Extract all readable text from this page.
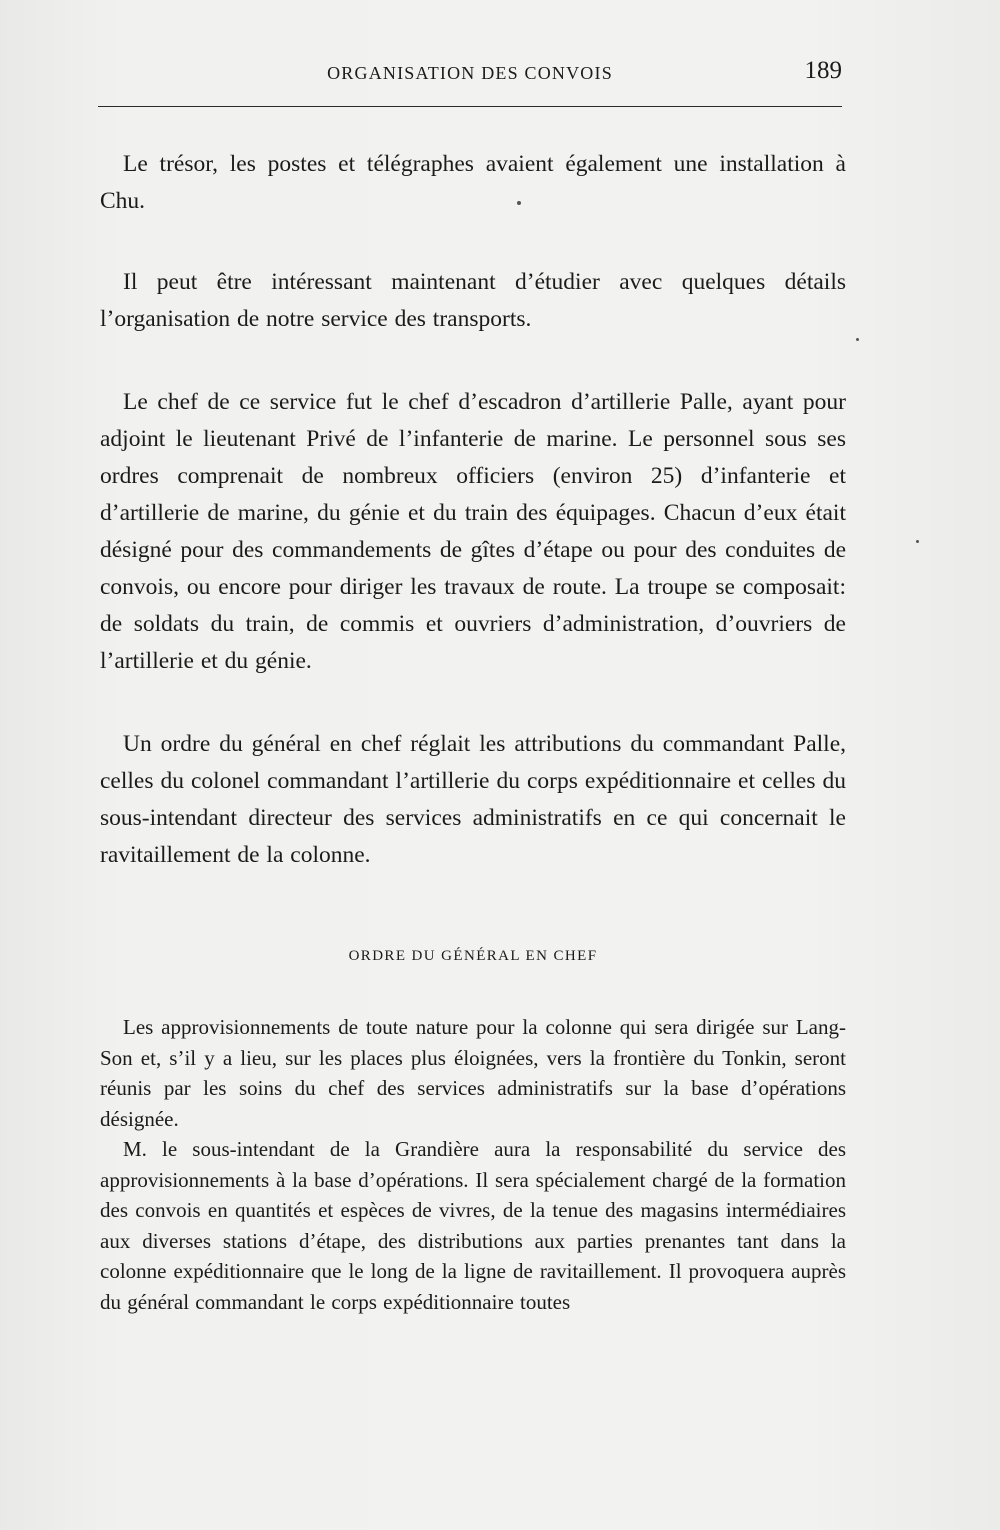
ORGANISATION DES CONVOIS	189

Le trésor, les postes et télégraphes avaient également une installation à Chu.

Il peut être intéressant maintenant d’étudier avec quelques détails l’organisation de notre service des transports.

Le chef de ce service fut le chef d’escadron d’artillerie Palle, ayant pour adjoint le lieutenant Privé de l’infanterie de marine. Le personnel sous ses ordres comprenait de nombreux officiers (environ 25) d’infanterie et d’artillerie de marine, du génie et du train des équipages. Chacun d’eux était désigné pour des commandements de gîtes d’étape ou pour des conduites de convois, ou encore pour diriger les travaux de route. La troupe se composait: de soldats du train, de commis et ouvriers d’administration, d’ouvriers de l’artillerie et du génie.

Un ordre du général en chef réglait les attributions du commandant Palle, celles du colonel commandant l’artillerie du corps expéditionnaire et celles du sous-intendant directeur des services administratifs en ce qui concernait le ravitaillement de la colonne.

ORDRE DU GÉNÉRAL EN CHEF

Les approvisionnements de toute nature pour la colonne qui sera dirigée sur Lang-Son et, s’il y a lieu, sur les places plus éloignées, vers la frontière du Tonkin, seront réunis par les soins du chef des services administratifs sur la base d’opérations désignée.

M. le sous-intendant de la Grandière aura la responsabilité du service des approvisionnements à la base d’opérations. Il sera spécialement chargé de la formation des convois en quantités et espèces de vivres, de la tenue des magasins intermédiaires aux diverses stations d’étape, des distributions aux parties prenantes tant dans la colonne expéditionnaire que le long de la ligne de ravitaillement. Il provoquera auprès du général commandant le corps expéditionnaire toutes
